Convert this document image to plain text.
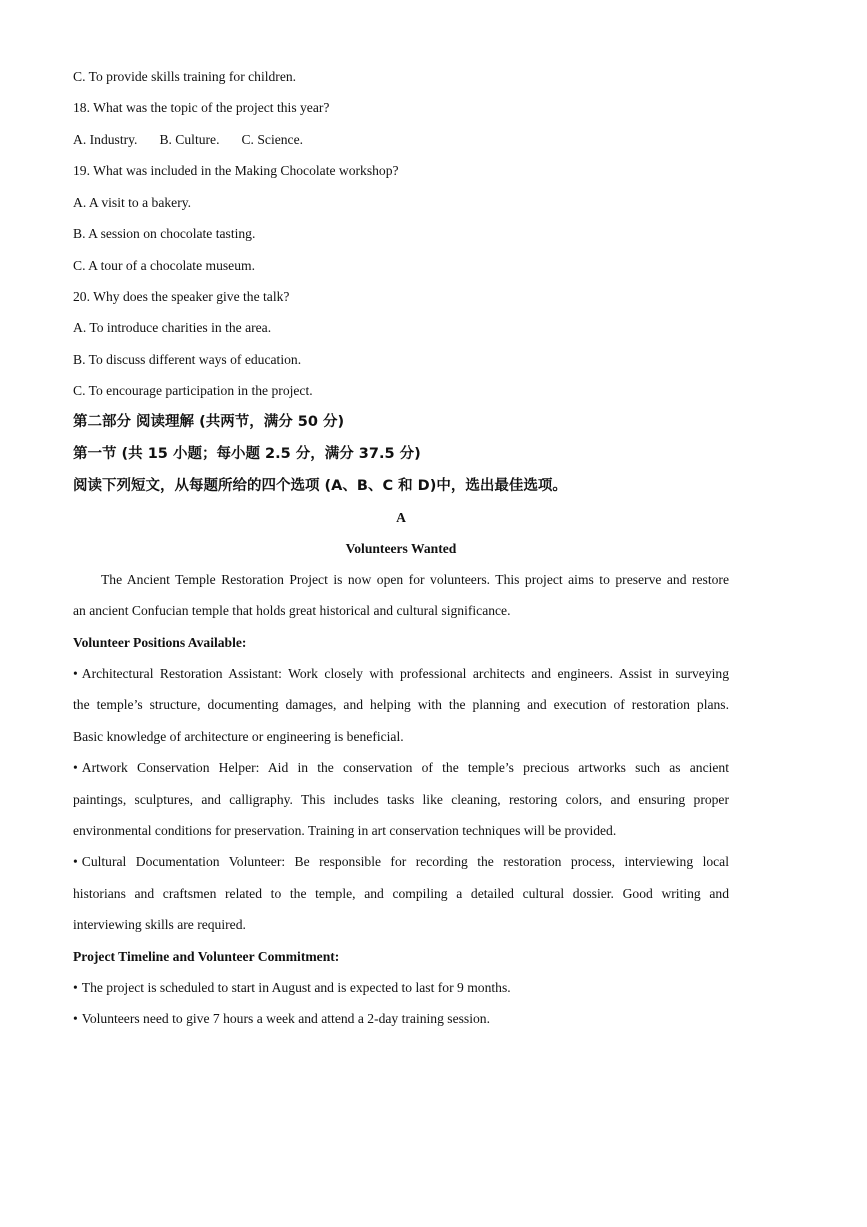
C. To provide skills training for children.
18. What was the topic of the project this year?
A. Industry. B. Culture. C. Science.
19. What was included in the Making Chocolate workshop?
A. A visit to a bakery.
B. A session on chocolate tasting.
C. A tour of a chocolate museum.
20. Why does the speaker give the talk?
A. To introduce charities in the area.
B. To discuss different ways of education.
C. To encourage participation in the project.
第二部分 阅读理解 (共两节，满分 50 分)
第一节 (共 15 小题；每小题 2.5 分，满分 37.5 分)
阅读下列短文，从每题所给的四个选项 (A、B、C 和 D)中，选出最佳选项。
A
Volunteers Wanted
The Ancient Temple Restoration Project is now open for volunteers. This project aims to preserve and restore
an ancient Confucian temple that holds great historical and cultural significance.
Volunteer Positions Available:
• Architectural Restoration Assistant: Work closely with professional architects and engineers. Assist in surveying
the temple’s structure, documenting damages, and helping with the planning and execution of restoration plans.
Basic knowledge of architecture or engineering is beneficial.
• Artwork Conservation Helper: Aid in the conservation of the temple’s precious artworks such as ancient
paintings, sculptures, and calligraphy. This includes tasks like cleaning, restoring colors, and ensuring proper
environmental conditions for preservation. Training in art conservation techniques will be provided.
• Cultural Documentation Volunteer: Be responsible for recording the restoration process, interviewing local
historians and craftsmen related to the temple, and compiling a detailed cultural dossier. Good writing and
interviewing skills are required.
Project Timeline and Volunteer Commitment:
• The project is scheduled to start in August and is expected to last for 9 months.
• Volunteers need to give 7 hours a week and attend a 2-day training session.
